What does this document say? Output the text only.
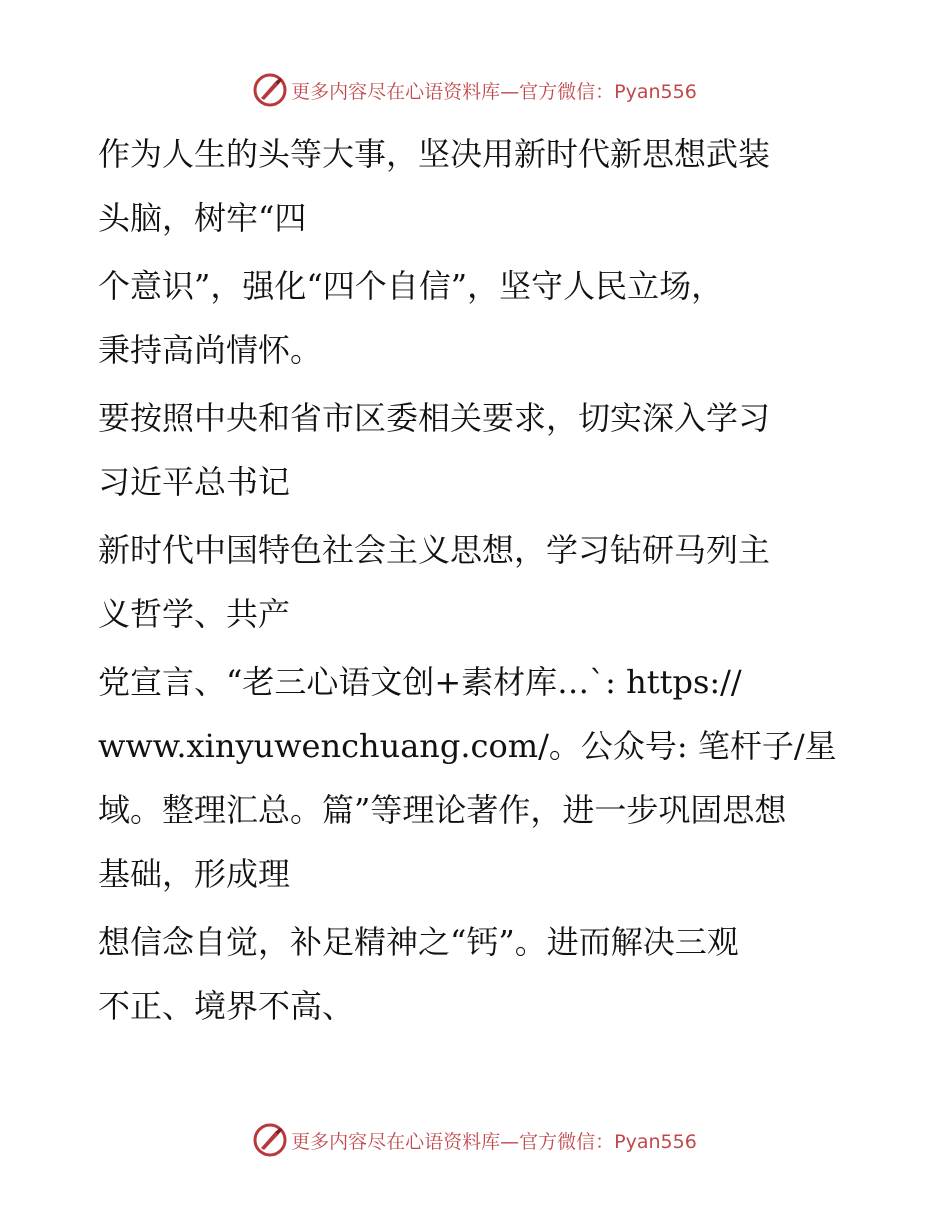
更多内容尽在心语资料库—官方微信：Pyan556

作为人生的头等大事，坚决用新时代新思想武装
头脑，树牢“四

个意识”，强化“四个自信”，坚守人民立场，
秉持高尚情怀。

要按照中央和省市区委相关要求，切实深入学习
习近平总书记

新时代中国特色社会主义思想，学习钻研马列主
义哲学、共产

党宣言、“老三心语文创+素材库…`: https://
www.xinyuwenchuang.com/。公众号: 笔杆子/星
域。整理汇总。篇”等理论著作，进一步巩固思想
基础，形成理

想信念自觉，补足精神之“钙”。进而解决三观
不正、境界不高、

更多内容尽在心语资料库—官方微信：Pyan556
